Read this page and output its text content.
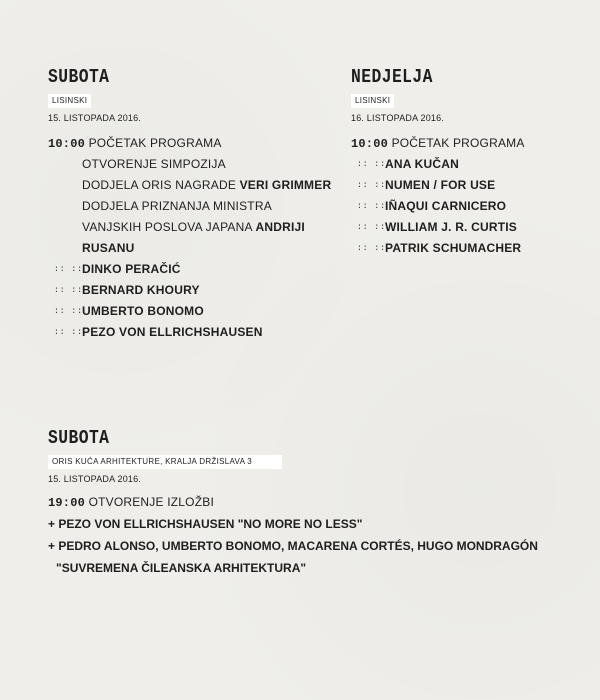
SUBOTA
LISINSKI
15. LISTOPADA 2016.
10:00 POČETAK PROGRAMA
OTVORENJE SIMPOZIJA
DODJELA ORIS NAGRADE VERI GRIMMER
DODJELA PRIZNANJA MINISTRA
VANJSKIH POSLOVA JAPANA ANDRIJI
RUSANU
:: ::
DINKO PERAČIĆ
:: ::
BERNARD KHOURY
:: ::
UMBERTO BONOMO
:: ::
PEZO VON ELLRICHSHAUSEN
NEDJELJA
LISINSKI
16. LISTOPADA 2016.
10:00 POČETAK PROGRAMA
:: ::
ANA KUČAN
:: ::
NUMEN / FOR USE
:: ::
IÑAQUI CARNICERO
:: ::
WILLIAM J. R. CURTIS
:: ::
PATRIK SCHUMACHER
SUBOTA
ORIS KUĆA ARHITEKTURE, KRALJA DRŽISLAVA 3
15. LISTOPADA 2016.
19:00 OTVORENJE IZLOŽBI
+ PEZO VON ELLRICHSHAUSEN "NO MORE NO LESS"
+ PEDRO ALONSO, UMBERTO BONOMO, MACARENA CORTÉS, HUGO MONDRAGÓN
"SUVREMENA ČILEANSKA ARHITEKTURA"
